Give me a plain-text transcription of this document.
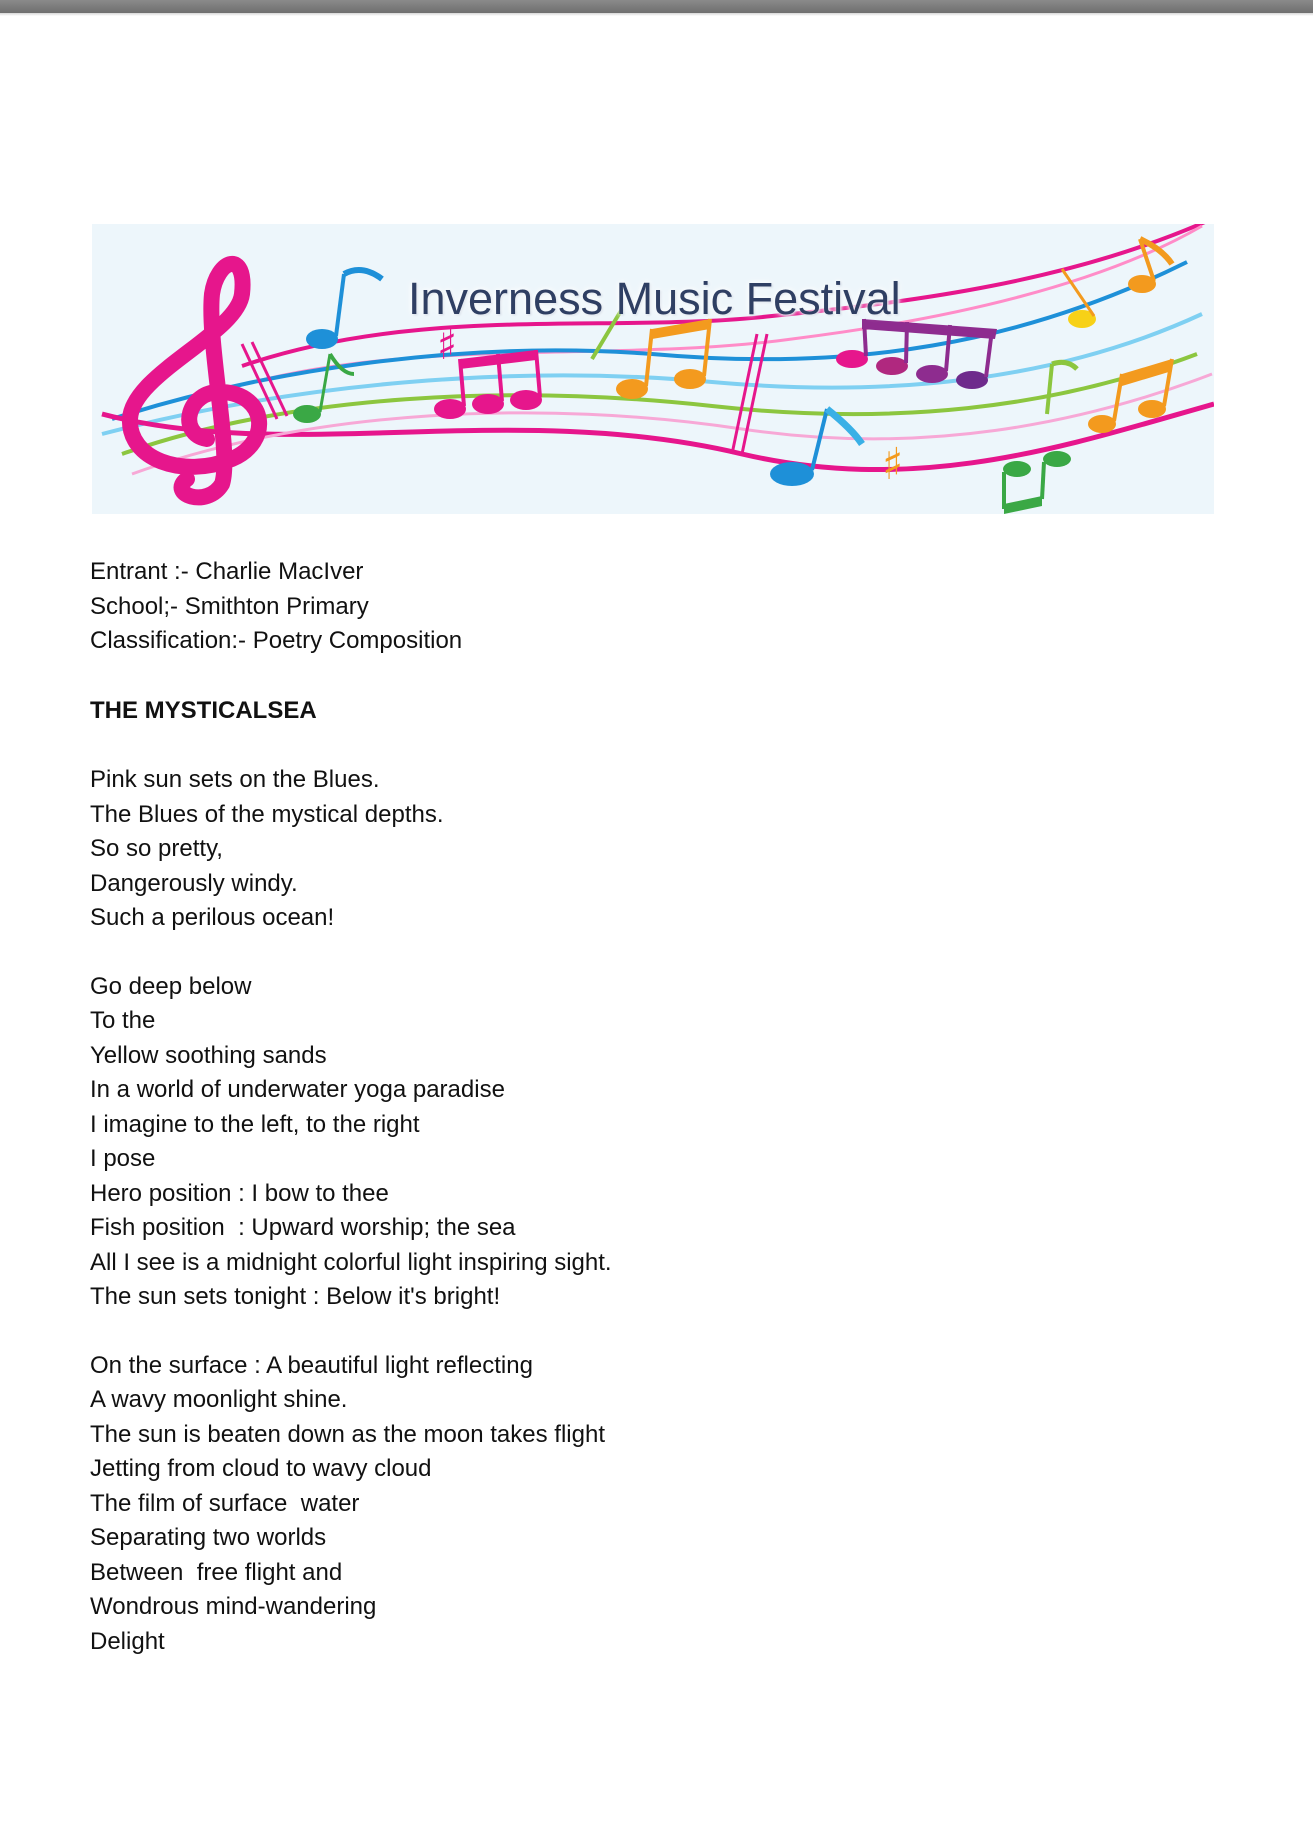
♯
♯
Inverness Music Festival
Entrant :- Charlie MacIver
School;- Smithton Primary
Classification:- Poetry Composition
THE MYSTICALSEA
Pink sun sets on the Blues.
The Blues of the mystical depths.
So so pretty,
Dangerously windy.
Such a perilous ocean!
Go deep below
To the
Yellow soothing sands
In a world of underwater yoga paradise
I imagine to the left, to the right
I pose
Hero position : I bow to thee
Fish position  : Upward worship; the sea
All I see is a midnight colorful light inspiring sight.
The sun sets tonight : Below it's bright!
On the surface : A beautiful light reflecting
A wavy moonlight shine.
The sun is beaten down as the moon takes flight
Jetting from cloud to wavy cloud
The film of surface  water
Separating two worlds
Between  free flight and
Wondrous mind-wandering
Delight
